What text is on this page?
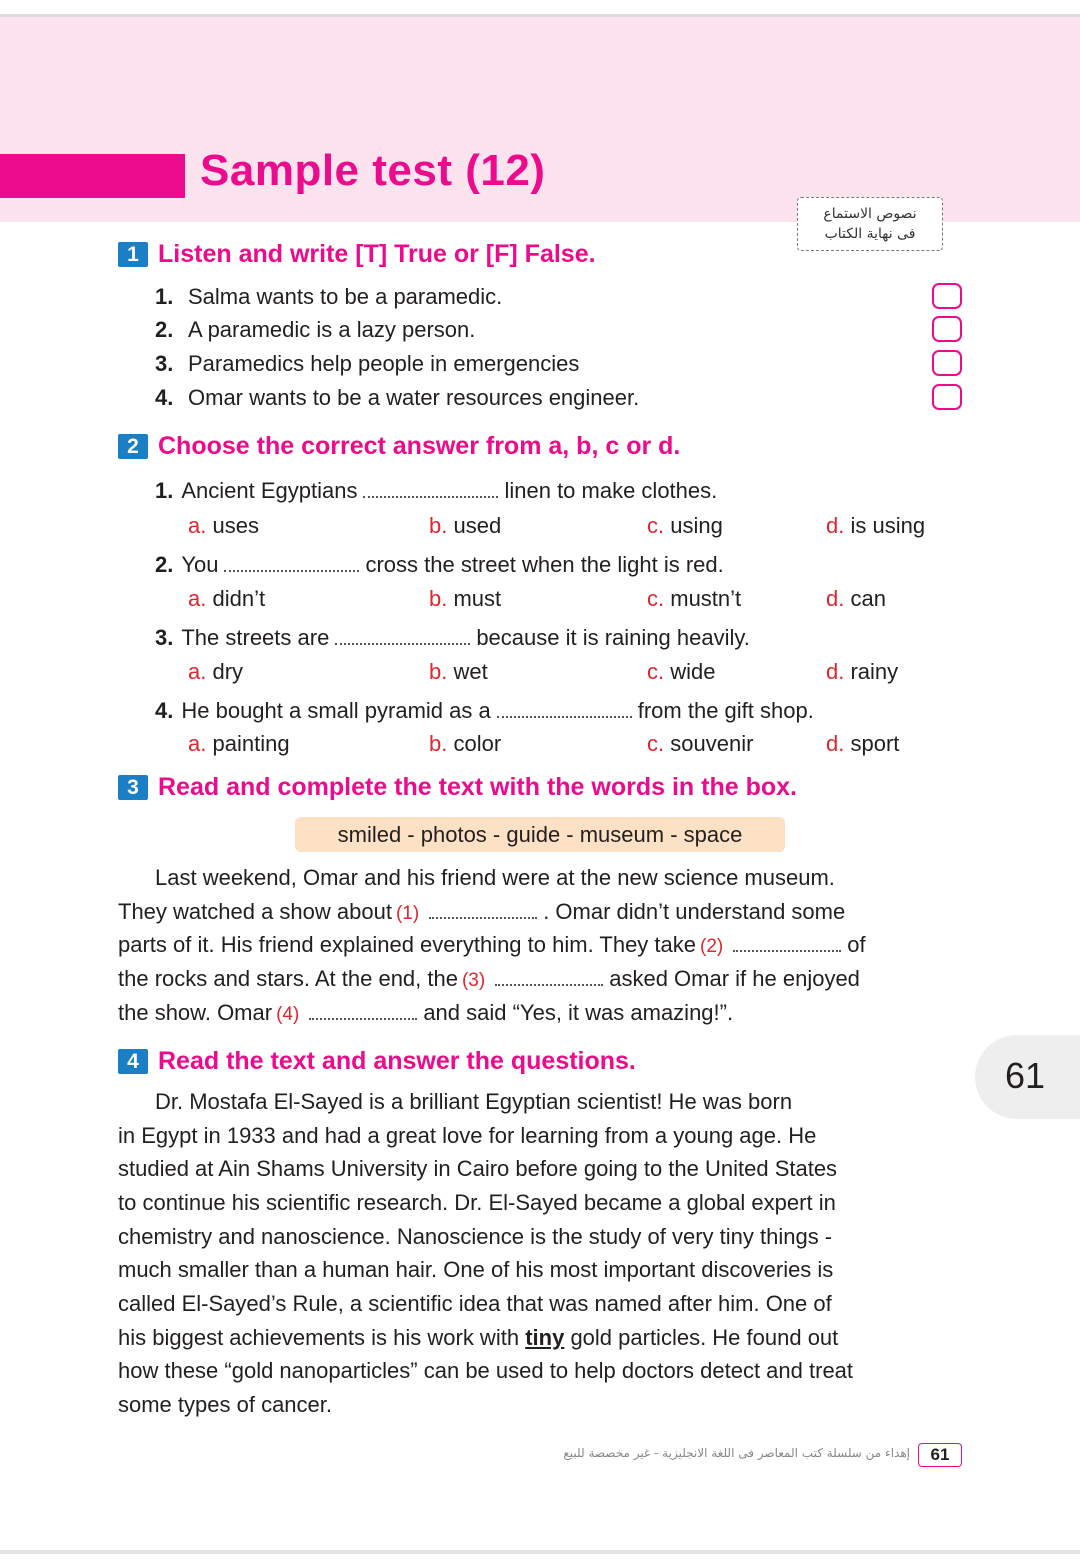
Sample test (12)
نصوص الاستماع
فى نهاية الكتاب
1 Listen and write [T] True or [F] False.
1. Salma wants to be a paramedic.
2. A paramedic is a lazy person.
3. Paramedics help people in emergencies
4. Omar wants to be a water resources engineer.
2 Choose the correct answer from a, b, c or d.
1. Ancient Egyptians	linen to make clothes.
a. uses	b. used	c. using	d. is using
2. You	cross the street when the light is red.
a. didn’t	b. must	c. mustn’t	d. can
3. The streets are	because it is raining heavily.
a. dry	b. wet	c. wide	d. rainy
4. He bought a small pyramid as a	from the gift shop.
a. painting	b. color	c. souvenir	d. sport
3 Read and complete the text with the words in the box.
smiled - photos - guide - museum - space
Last weekend, Omar and his friend were at the new science museum.
They watched a show about (1)	. Omar didn’t understand some
parts of it. His friend explained everything to him. They take (2)	of
the rocks and stars. At the end, the (3)	asked Omar if he enjoyed
the show. Omar (4)	and said “Yes, it was amazing!”.
4 Read the text and answer the questions.
Dr. Mostafa El-Sayed is a brilliant Egyptian scientist! He was born
in Egypt in 1933 and had a great love for learning from a young age. He
studied at Ain Shams University in Cairo before going to the United States
to continue his scientific research. Dr. El-Sayed became a global expert in
chemistry and nanoscience. Nanoscience is the study of very tiny things -
much smaller than a human hair. One of his most important discoveries is
called El-Sayed’s Rule, a scientific idea that was named after him. One of
his biggest achievements is his work with
tiny
gold particles. He found out
how these “gold nanoparticles” can be used to help doctors detect and treat
some types of cancer.
61
إهداء من سلسلة كتب المعاصر فى اللغة الانجليزية - غير مخصصة للبيع	61
